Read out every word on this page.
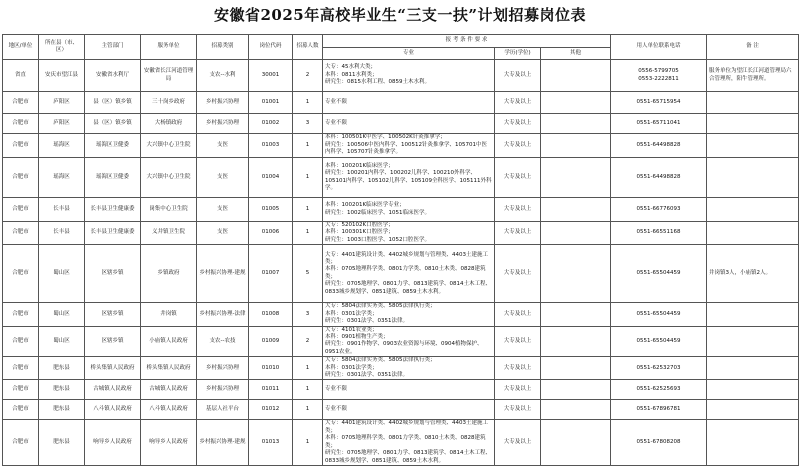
安徽省2025年高校毕业生“三支一扶”计划招募岗位表
地区/单位	所在县（市、区）	主管部门	服务单位	招募类别	岗位代码	招募人数	报 考 条 件 要 求			用人单位联系电话	备 注
							专业	学历(学位)	其他		
省直	安庆市望江县	安徽省水利厅	安徽省长江河道管理局	支农--水利	30001	2	大专：45水利大类；
本科：0811水利类；
研究生：0815水利工程、0859土木水利。	大专及以上		0556-5799705
0553-2222811	服务单位为望江长江河道管理局六合管理所，阳牛管理所。
合肥市	庐阳区	县（区）镇乡镇	三十岗乡政府	乡村振兴协理	01001	1	专业不限	大专及以上		0551-65715954	
合肥市	庐阳区	县（区）镇乡镇	大杨镇政府	乡村振兴协理	01002	3	专业不限	大专及以上		0551-65711041	
合肥市	瑶海区	瑶海区卫健委	大兴镇中心卫生院	支医	01003	1	本科：100501K中医学、100502K针灸推拿学；
研究生：100506中医内科学、100512针灸推拿学、105701中医内科学、105707针灸推拿学。	大专及以上		0551-64498828	
合肥市	瑶海区	瑶海区卫健委	大兴镇中心卫生院	支医	01004	1	本科：100201K临床医学；
研究生：100201内科学、100202儿科学、100210外科学、105101内科学、105102儿科学、105109全科医学、105111外科学。	大专及以上		0551-64498828	
合肥市	长丰县	长丰县卫生健康委	岗集中心卫生院	支医	01005	1	本科：100201K临床医学专业；
研究生：1002临床医学、1051临床医学。	大专及以上		0551-66776093	
合肥市	长丰县	长丰县卫生健康委	义井镇卫生院	支医	01006	1	大专：520102K口腔医学；
本科：100301K口腔医学；
研究生：1003口腔医学、1052口腔医学。	大专及以上		0551-66551168	
合肥市	蜀山区	区辖乡镇	乡镇政府	乡村振兴协理-建规	01007	5	大专：4401建筑设计类、4402城乡规划与管理类、4403土建施工类；
本科：0705地理科学类、0801力学类、0810土木类、0828建筑类；
研究生：0705地理学、0801力学、0813建筑学、0814土木工程、0833城乡规划学、0851建筑、0859土木水利。	大专及以上		0551-65504459	井岗镇3人，小庙镇2人。
合肥市	蜀山区	区辖乡镇	井岗镇	乡村振兴协理-法律	01008	3	大专：5804法律实务类、5805法律执行类；
本科：0301法学类；
研究生：0301法学、0351法律。	大专及以上		0551-65504459	
合肥市	蜀山区	区辖乡镇	小庙镇人民政府	支农--农技	01009	2	大专：4101农业类；
本科：0901植物生产类；
研究生：0901作物学、0903农业资源与环境、0904植物保护、0951农业。	大专及以上		0551-65504459	
合肥市	肥东县	桥头集镇人民政府	桥头集镇人民政府	乡村振兴协理	01010	1	大专：5804法律实务类、5805法律执行类；
本科：0301法学类；
研究生：0301法学、0351法律。	大专及以上		0551-62532703	
合肥市	肥东县	古城镇人民政府	古城镇人民政府	乡村振兴协理	01011	1	专业不限	大专及以上		0551-62525693	
合肥市	肥东县	八斗镇人民政府	八斗镇人民政府	基层人社平台	01012	1	专业不限	大专及以上		0551-67896781	
合肥市	肥东县	响导乡人民政府	响导乡人民政府	乡村振兴协理-建规	01013	1	大专：4401建筑设计类、4402城乡规划与管理类、4403土建施工类；
本科：0705地理科学类、0801力学类、0810土木类、0828建筑类；
研究生：0705地理学、0801力学、0813建筑学、0814土木工程、0833城乡规划学、0851建筑、0859土木水利。	大专及以上		0551-67808208	
